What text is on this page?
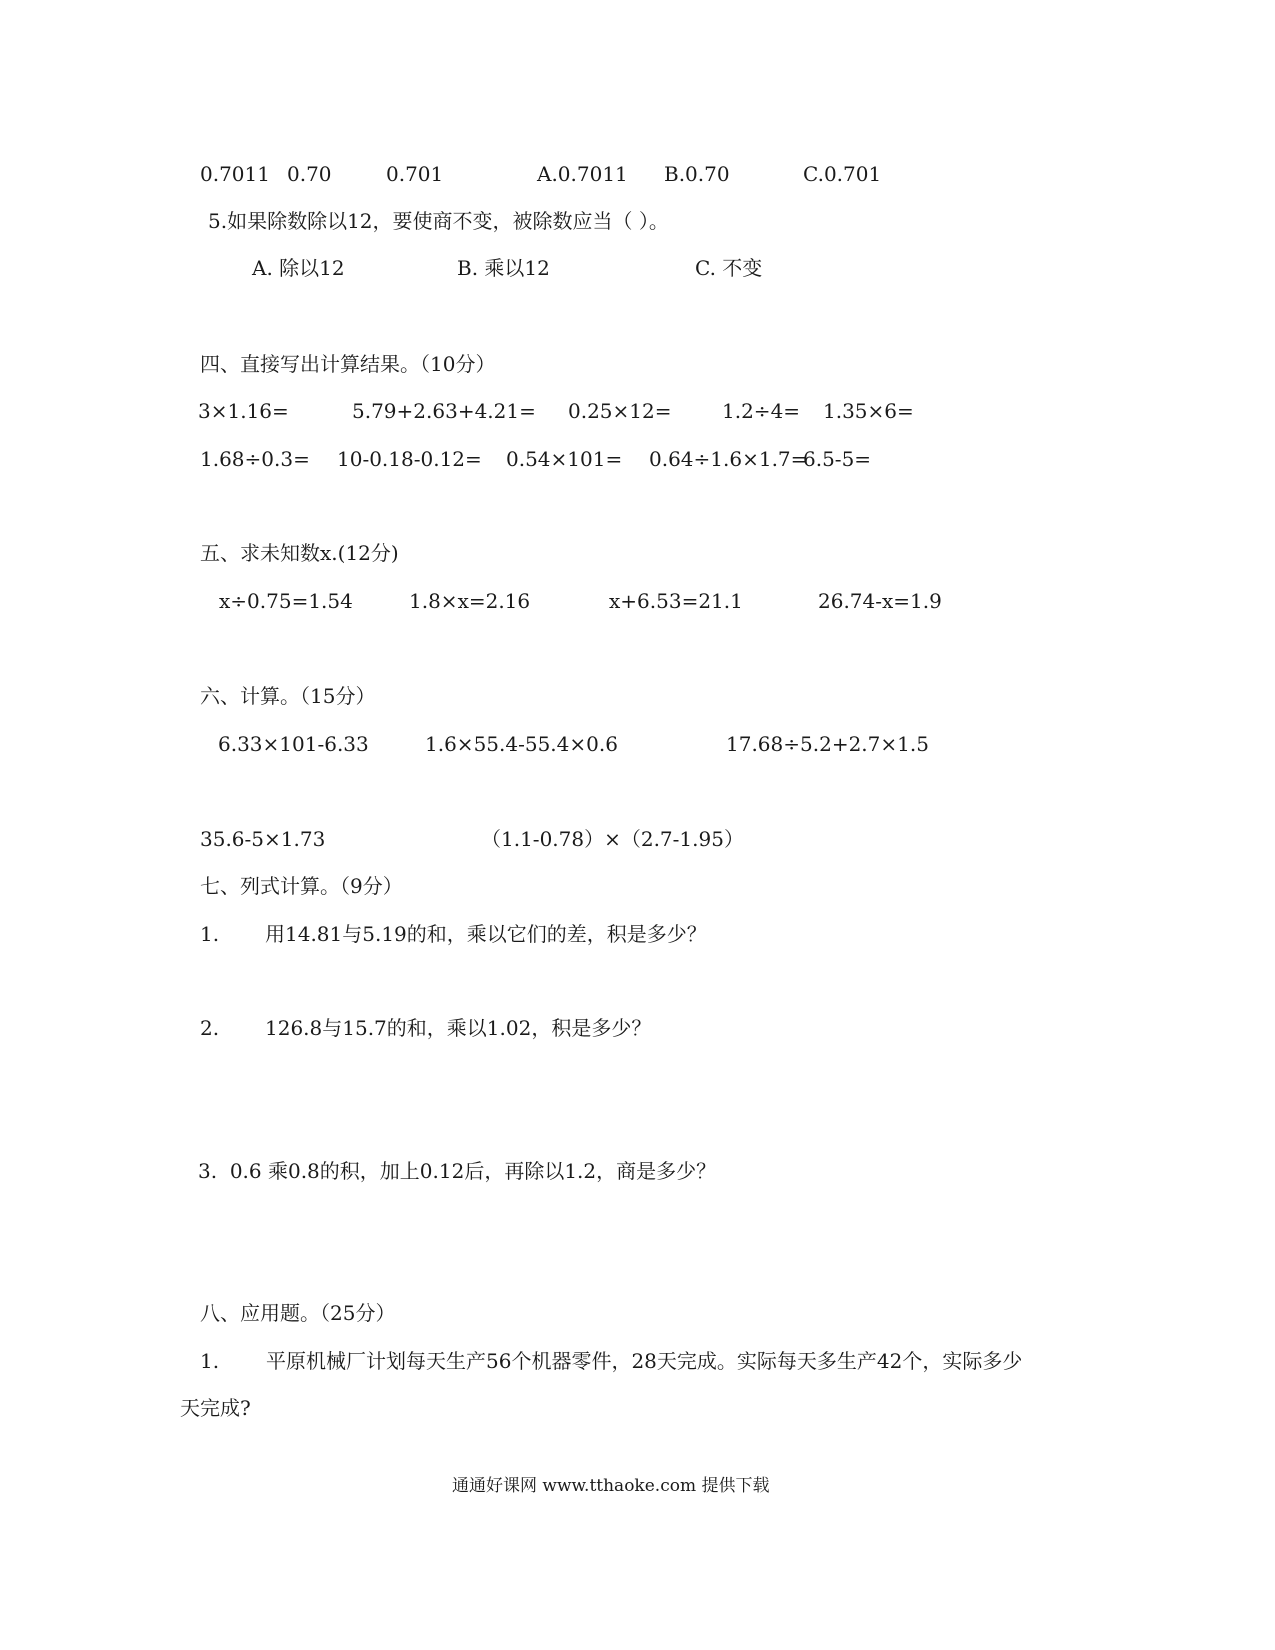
0.7011 0.70	0.701	A.0.7011 B.0.70	C.0.701
5.如果除数除以12，要使商不变，被除数应当（ ）。
A. 除以12	B. 乘以12	C. 不变
四、直接写出计算结果。（10分）
3×1.16=	5.79+2.63+4.21= 0.25×12=	1.2÷4= 1.35×6=
1.68÷0.3= 10-0.18-0.12= 0.54×101= 0.64÷1.6×1.7=
6.5-5=
五、求未知数x.(12分)
x÷0.75=1.54	1.8×x=2.16	x+6.53=21.1	26.74-x=1.9
六、计算。（15分）
6.33×101-6.33	1.6×55.4-55.4×0.6	17.68÷5.2+2.7×1.5
35.6-5×1.73	（1.1-0.78）×（2.7-1.95）
七、列式计算。（9分）
1. 用14.81与5.19的和，乘以它们的差，积是多少？
2. 126.8与15.7的和，乘以1.02，积是多少？
3. 0.6 乘0.8的积，加上0.12后，再除以1.2，商是多少？
八、应用题。（25分）
1. 平原机械厂计划每天生产56个机器零件，28天完成。实际每天多生产42个，实际多少
天完成?
通通好课网 www.tthaoke.com 提供下载
